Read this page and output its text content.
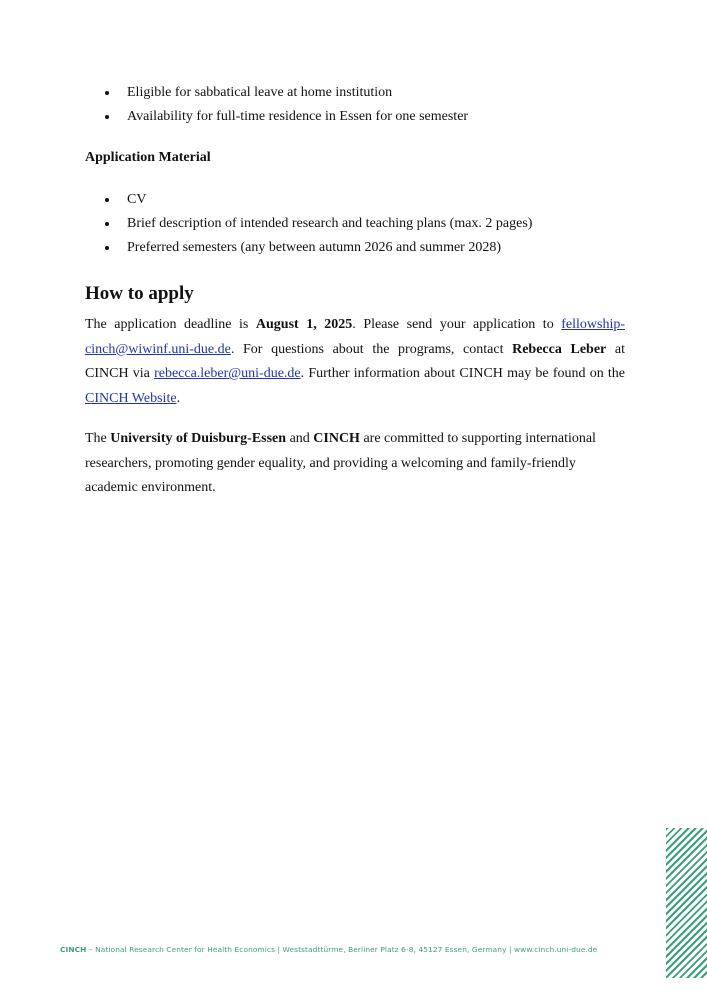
Eligible for sabbatical leave at home institution
Availability for full-time residence in Essen for one semester
Application Material
CV
Brief description of intended research and teaching plans (max. 2 pages)
Preferred semesters (any between autumn 2026 and summer 2028)
How to apply

The application deadline is August 1, 2025. Please send your application to fellowship-cinch@wiwinf.uni-due.de. For questions about the programs, contact Rebecca Leber at CINCH via rebecca.leber@uni-due.de. Further information about CINCH may be found on the CINCH Website.

The University of Duisburg-Essen and CINCH are committed to supporting international researchers, promoting gender equality, and providing a welcoming and family-friendly academic environment.

CINCH – National Research Center for Health Economics | Weststadttürme, Berliner Platz 6-8, 45127 Essen, Germany | www.cinch.uni-due.de
